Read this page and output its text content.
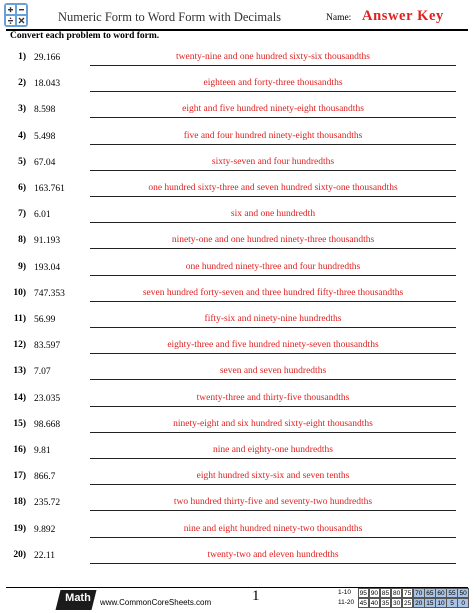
Numeric Form to Word Form with Decimals	Name: Answer Key
Convert each problem to word form.
1) 29.166	twenty-nine and one hundred sixty-six thousandths
2) 18.043	eighteen and forty-three thousandths
3) 8.598	eight and five hundred ninety-eight thousandths
4) 5.498	five and four hundred ninety-eight thousandths
5) 67.04	sixty-seven and four hundredths
6) 163.761	one hundred sixty-three and seven hundred sixty-one thousandths
7) 6.01	six and one hundredth
8) 91.193	ninety-one and one hundred ninety-three thousandths
9) 193.04	one hundred ninety-three and four hundredths
10) 747.353	seven hundred forty-seven and three hundred fifty-three thousandths
11) 56.99	fifty-six and ninety-nine hundredths
12) 83.597	eighty-three and five hundred ninety-seven thousandths
13) 7.07	seven and seven hundredths
14) 23.035	twenty-three and thirty-five thousandths
15) 98.668	ninety-eight and six hundred sixty-eight thousandths
16) 9.81	nine and eighty-one hundredths
17) 866.7	eight hundred sixty-six and seven tenths
18) 235.72	two hundred thirty-five and seventy-two hundredths
19) 9.892	nine and eight hundred ninety-two thousandths
20) 22.11	twenty-two and eleven hundredths
Math	www.CommonCoreSheets.com	1	1-10	95 90 85 80 75 70 65 60 55 50
11-20 45 40 35 30 25 20 15 10 5	0
